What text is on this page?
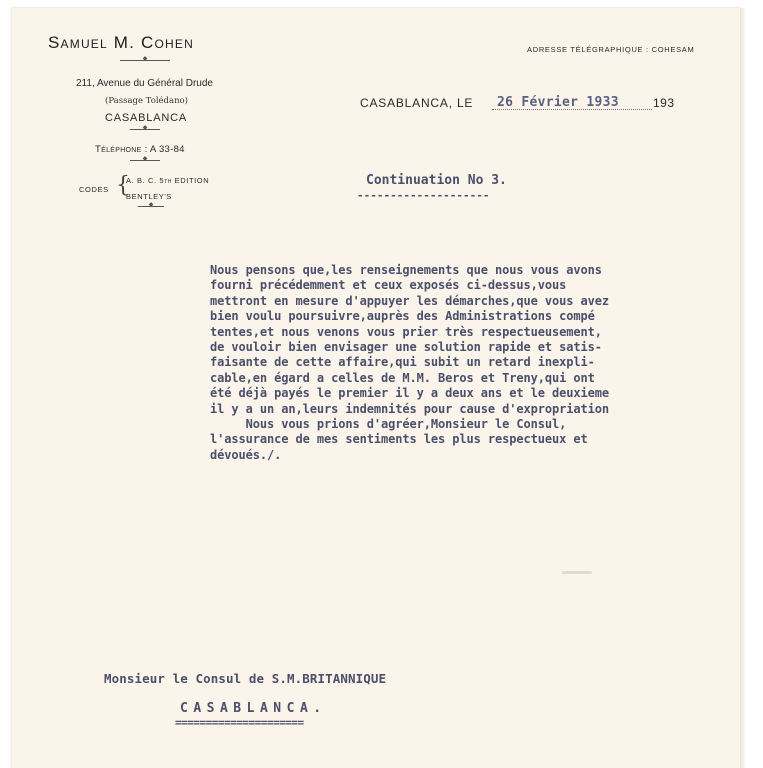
Samuel M. Cohen
◆
211, Avenue du Général Drude
(Passage Tolédano)
CASABLANCA
◆
Téléphone : A 33-84
◆
CODES {
A. B. C. 5th EDITION
BENTLEY'S
◆
ADRESSE TÉLÉGRAPHIQUE : COHESAM
CASABLANCA, LE 26 Février 1933	193
Continuation No 3.
--------------------
Nous pensons que,les renseignements que nous vous avons
fourni précédemment et ceux exposés ci-dessus,vous
mettront en mesure d'appuyer les démarches,que vous avez
bien voulu poursuivre,auprès des Administrations compé
tentes,et nous venons vous prier très respectueusement,
de vouloir bien envisager une solution rapide et satis-
faisante de cette affaire,qui subit un retard inexpli-
cable,en égard a celles de M.M. Beros et Treny,qui ont
été déjà payés le premier il y a deux ans et le deuxieme
il y a un an,leurs indemnités pour cause d'expropriation
Nous vous prions d'agréer,Monsieur le Consul,
l'assurance de mes sentiments les plus respectueux et
dévoués./.
Monsieur le Consul de S.M.BRITANNIQUE
CASABLANCA.
=====================
